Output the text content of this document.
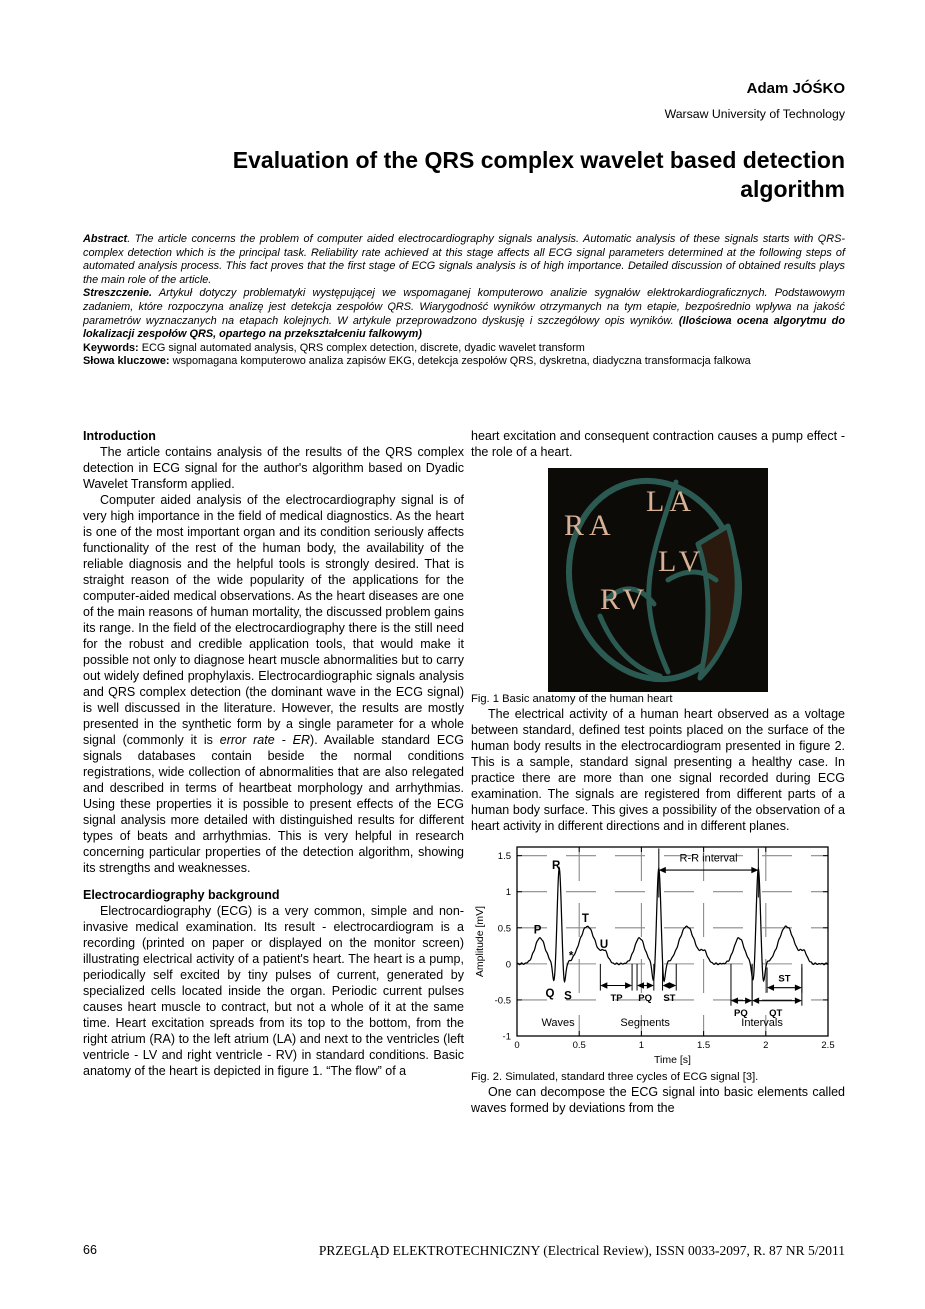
Adam JÓŚKO
Warsaw University of Technology
Evaluation of the QRS complex wavelet based detection
algorithm

Abstract. The article concerns the problem of computer aided electrocardiography signals analysis. Automatic analysis of these signals starts with QRS-complex detection which is the principal task. Reliability rate achieved at this stage affects all ECG signal parameters determined at the following steps of automated analysis process. This fact proves that the first stage of ECG signals analysis is of high importance. Detailed discussion of obtained results plays the main role of the article.

Streszczenie. Artykuł dotyczy problematyki występującej we wspomaganej komputerowo analizie sygnałów elektrokardiograficznych. Podstawowym zadaniem, które rozpoczyna analizę jest detekcja zespołów QRS. Wiarygodność wyników otrzymanych na tym etapie, bezpośrednio wpływa na jakość parametrów wyznaczanych na etapach kolejnych. W artykule przeprowadzono dyskusję i szczegółowy opis wyników. (Ilościowa ocena algorytmu do lokalizacji zespołów QRS, opartego na przekształceniu falkowym)

Keywords: ECG signal automated analysis, QRS complex detection, discrete, dyadic wavelet transform

Słowa kluczowe: wspomagana komputerowo analiza zapisów EKG, detekcja zespołów QRS, dyskretna, diadyczna transformacja falkowa

Introduction

The article contains analysis of the results of the QRS complex detection in ECG signal for the author's algorithm based on Dyadic Wavelet Transform applied.

Computer aided analysis of the electrocardiography signal is of very high importance in the field of medical diagnostics. As the heart is one of the most important organ and its condition seriously affects functionality of the rest of the human body, the availability of the reliable diagnosis and the helpful tools is strongly desired. That is straight reason of the wide popularity of the applications for the computer-aided medical observations. As the heart diseases are one of the main reasons of human mortality, the discussed problem gains its range. In the field of the electrocardiography there is the still need for the robust and credible application tools, that would make it possible not only to diagnose heart muscle abnormalities but to carry out widely defined prophylaxis. Electrocardiographic signals analysis and QRS complex detection (the dominant wave in the ECG signal) is well discussed in the literature. However, the results are mostly presented in the synthetic form by a single parameter for a whole signal (commonly it is error rate - ER). Available standard ECG signals databases contain beside the normal conditions registrations, wide collection of abnormalities that are also relegated and described in terms of heartbeat morphology and arrhythmias. Using these properties it is possible to present effects of the ECG signal analysis more detailed with distinguished results for different types of beats and arrhythmias. This is very helpful in research concerning particular properties of the detection algorithm, showing its strengths and weaknesses.

Electrocardiography background

Electrocardiography (ECG) is a very common, simple and non-invasive medical examination. Its result - electrocardiogram is a recording (printed on paper or displayed on the monitor screen) illustrating electrical activity of a patient's heart. The heart is a pump, periodically self excited by tiny pulses of current, generated by specialized cells located inside the organ. Periodic current pulses causes heart muscle to contract, but not a whole of it at the same time. Heart excitation spreads from its top to the bottom, from the right atrium (RA) to the left atrium (LA) and next to the ventricles (left ventricle - LV and right ventricle - RV) in standard conditions. Basic anatomy of the heart is depicted in figure 1. “The flow” of a

heart excitation and consequent contraction causes a pump effect - the role of a heart.

RA
LA
LV
RV

Fig. 1 Basic anatomy of the human heart

The electrical activity of a human heart observed as a voltage between standard, defined test points placed on the surface of the human body results in the electrocardiogram presented in figure 2. This is a sample, standard signal presenting a healthy case. In practice there are more than one signal recorded during ECG examination. The signals are registered from different parts of a human body surface. This gives a possibility of the observation of a heart activity in different directions and in different planes.

0	0.5	1	1.5	2	2.5
-1
-0.5
0
0.5
1
1.5
Time [s]
Amplitude [mV]
R-R interval
TP PQ ST
PQ QT
ST
P
R
Q S
T
U
*
Waves	Segments	Intervals

Fig. 2. Simulated, standard three cycles of ECG signal [3].

One can decompose the ECG signal into basic elements called waves formed by deviations from the

66	PRZEGLĄD ELEKTROTECHNICZNY (Electrical Review), ISSN 0033-2097, R. 87 NR 5/2011
